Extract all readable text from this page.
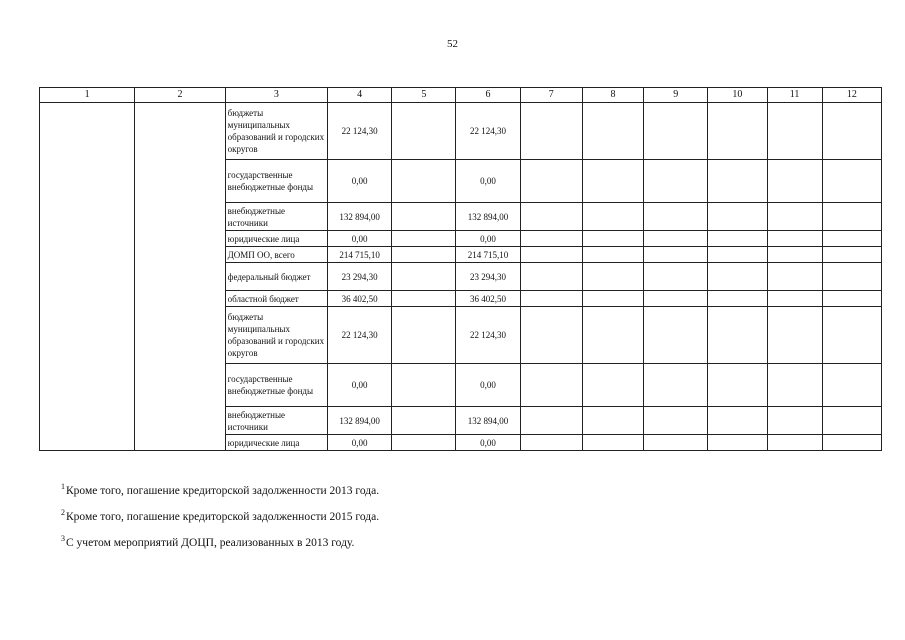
52
1	2	3	4	5	6	7	8	9	10	11	12
		бюджеты муниципальных образований и городских округов	22 124,30		22 124,30						
		государственные внебюджетные фонды	0,00		0,00						
		внебюджетные источники	132 894,00		132 894,00						
		юридические лица	0,00		0,00						
		ДОМП ОО, всего	214 715,10		214 715,10						
		федеральный бюджет	23 294,30		23 294,30						
		областной бюджет	36 402,50		36 402,50						
		бюджеты муниципальных образований и городских округов	22 124,30		22 124,30						
		государственные внебюджетные фонды	0,00		0,00						
		внебюджетные источники	132 894,00		132 894,00						
		юридические лица	0,00		0,00						

$^1$Кроме того, погашение кредиторской задолженности 2013 года.

$^2$Кроме того, погашение кредиторской задолженности 2015 года.

$^3$С учетом мероприятий ДОЦП, реализованных в 2013 году.
